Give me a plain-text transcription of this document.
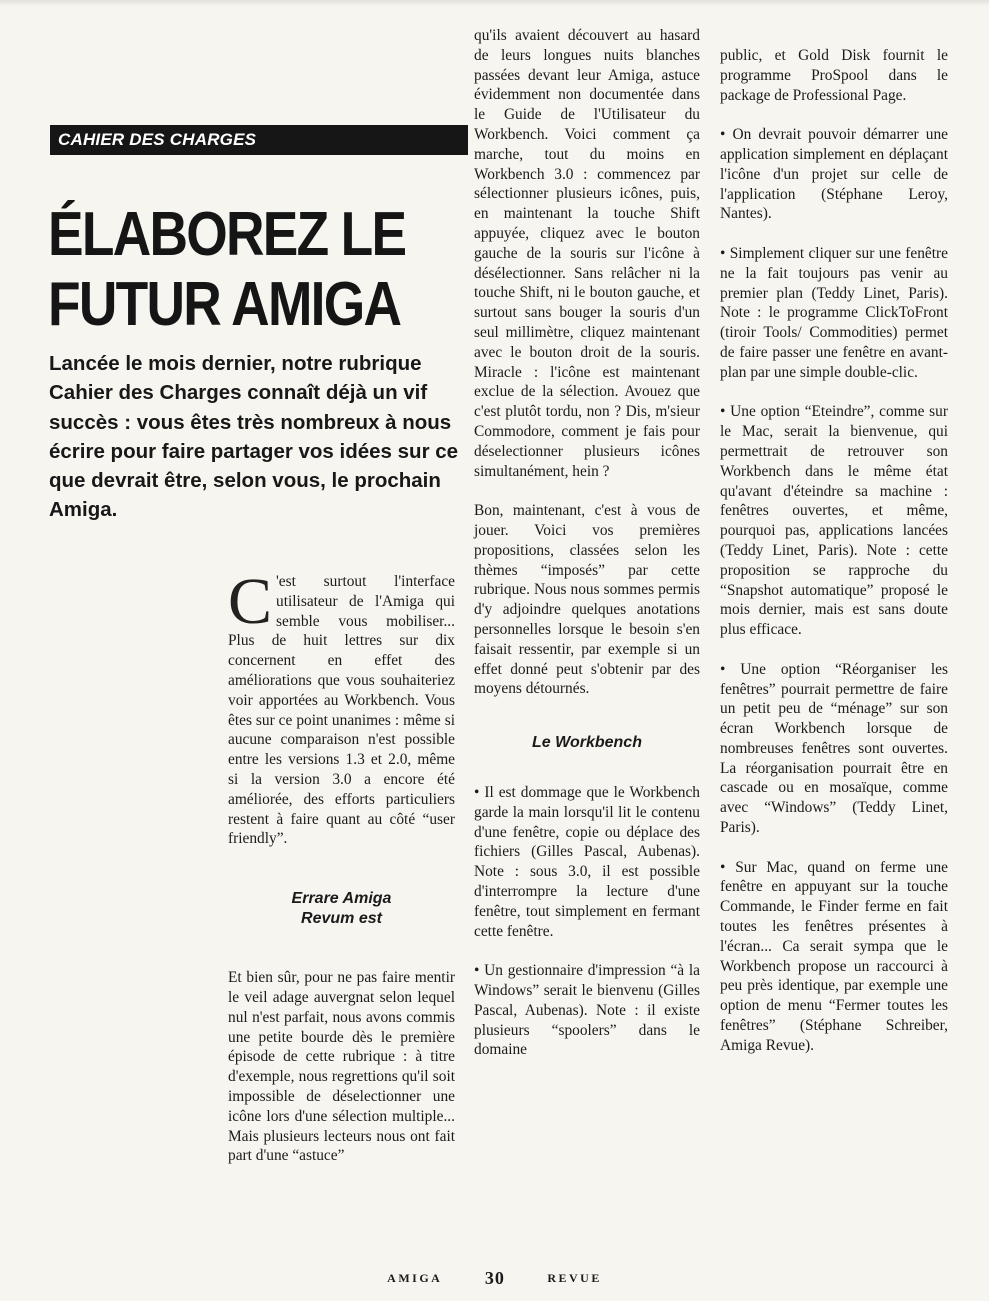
CAHIER DES CHARGES
ÉLABOREZ LE
FUTUR AMIGA
Lancée le mois dernier, notre rubrique Cahier des Charges connaît déjà un vif succès : vous êtes très nombreux à nous écrire pour faire partager vos idées sur ce que devrait être, selon vous, le prochain Amiga.

C 'est surtout l'interface utilisateur de l'Amiga qui semble vous mobiliser... Plus de huit lettres sur dix concernent en effet des améliorations que vous souhaiteriez voir apportées au Workbench. Vous êtes sur ce point unanimes : même si aucune comparaison n'est possible entre les versions 1.3 et 2.0, même si la version 3.0 a encore été améliorée, des efforts particuliers restent à faire quant au côté “user friendly”.

Errare Amiga
Revum est

Et bien sûr, pour ne pas faire mentir le veil adage auvergnat selon lequel nul n'est parfait, nous avons commis une petite bourde dès le première épisode de cette rubrique : à titre d'exemple, nous regrettions qu'il soit impossible de déselectionner une icône lors d'une sélection multiple... Mais plusieurs lecteurs nous ont fait part d'une “astuce”

qu'ils avaient découvert au hasard de leurs longues nuits blanches passées devant leur Amiga, astuce évidemment non documentée dans le Guide de l'Utilisateur du Workbench. Voici comment ça marche, tout du moins en Workbench 3.0 : commencez par sélectionner plusieurs icônes, puis, en maintenant la touche Shift appuyée, cliquez avec le bouton gauche de la souris sur l'icône à désélectionner. Sans relâcher ni la touche Shift, ni le bouton gauche, et surtout sans bouger la souris d'un seul millimètre, cliquez maintenant avec le bouton droit de la souris. Miracle : l'icône est maintenant exclue de la sélection. Avouez que c'est plutôt tordu, non ? Dis, m'sieur Commodore, comment je fais pour déselectionner plusieurs icônes simultanément, hein ?

Bon, maintenant, c'est à vous de jouer. Voici vos premières propositions, classées selon les thèmes “imposés” par cette rubrique. Nous nous sommes permis d'y adjoindre quelques anotations personnelles lorsque le besoin s'en faisait ressentir, par exemple si un effet donné peut s'obtenir par des moyens détournés.

Le Workbench

• Il est dommage que le Workbench garde la main lorsqu'il lit le contenu d'une fenêtre, copie ou déplace des fichiers (Gilles Pascal, Aubenas). Note : sous 3.0, il est possible d'interrompre la lecture d'une fenêtre, tout simplement en fermant cette fenêtre.

• Un gestionnaire d'impression “à la Windows” serait le bienvenu (Gilles Pascal, Aubenas). Note : il existe plusieurs “spoolers” dans le domaine

public, et Gold Disk fournit le programme ProSpool dans le package de Professional Page.

• On devrait pouvoir démarrer une application simplement en déplaçant l'icône d'un projet sur celle de l'application (Stéphane Leroy, Nantes).

• Simplement cliquer sur une fenêtre ne la fait toujours pas venir au premier plan (Teddy Linet, Paris). Note : le programme ClickToFront (tiroir Tools/ Commodities) permet de faire passer une fenêtre en avant-plan par une simple double-clic.

• Une option “Eteindre”, comme sur le Mac, serait la bienvenue, qui permettrait de retrouver son Workbench dans le même état qu'avant d'éteindre sa machine : fenêtres ouvertes, et même, pourquoi pas, applications lancées (Teddy Linet, Paris). Note : cette proposition se rapproche du “Snapshot automatique” proposé le mois dernier, mais est sans doute plus efficace.

• Une option “Réorganiser les fenêtres” pourrait permettre de faire un petit peu de “ménage” sur son écran Workbench lorsque de nombreuses fenêtres sont ouvertes. La réorganisation pourrait être en cascade ou en mosaïque, comme avec “Windows” (Teddy Linet, Paris).

• Sur Mac, quand on ferme une fenêtre en appuyant sur la touche Commande, le Finder ferme en fait toutes les fenêtres présentes à l'écran... Ca serait sympa que le Workbench propose un raccourci à peu près identique, par exemple une option de menu “Fermer toutes les fenêtres” (Stéphane Schreiber, Amiga Revue).

AMIGA 30	REVUE
